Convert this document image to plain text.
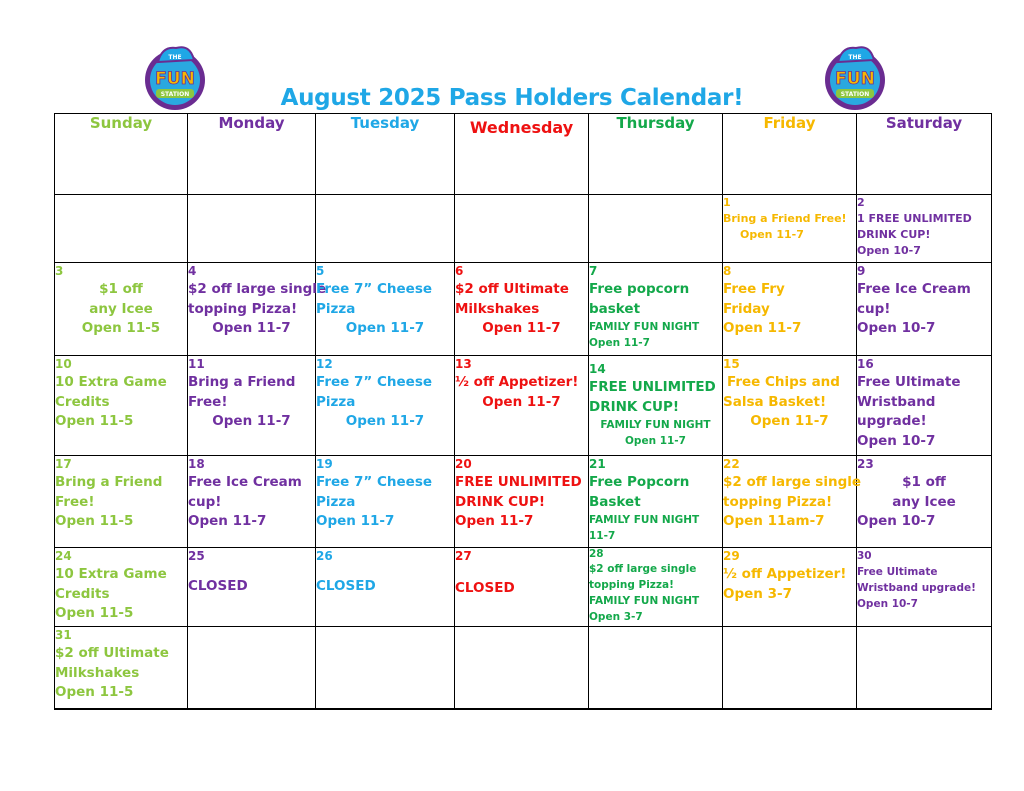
THE
FUN
STATION
THE
FUN
STATION
August 2025 Pass Holders Calendar!
Sunday	Monday	Tuesday	Wednesday	Thursday	Friday	Saturday

					1
Bring a Friend Free!
Open 11-7	2
1 FREE UNLIMITED
DRINK CUP!
Open 10-7

3
$1 off
any Icee
Open 11-5	4
$2 off large single
topping Pizza!
Open 11-7	5
Free 7” Cheese
Pizza
Open 11-7	6
$2 off Ultimate
Milkshakes
Open 11-7	7
Free popcorn
basket
FAMILY FUN NIGHT
Open 11-7	8
Free Fry
Friday
Open 11-7	9
Free Ice Cream
cup!
Open 10-7

10
10 Extra Game
Credits
Open 11-5	11
Bring a Friend
Free!
Open 11-7	12
Free 7” Cheese
Pizza
Open 11-7	13
½ off Appetizer!
Open 11-7	14
FREE UNLIMITED
DRINK CUP!
FAMILY FUN NIGHT
Open 11-7	15
Free Chips and
Salsa Basket!
Open 11-7	16
Free Ultimate
Wristband
upgrade!
Open 10-7

17
Bring a Friend
Free!
Open 11-5	18
Free Ice Cream
cup!
Open 11-7	19
Free 7” Cheese
Pizza
Open 11-7	20
FREE UNLIMITED
DRINK CUP!
Open 11-7	21
Free Popcorn
Basket
FAMILY FUN NIGHT
11-7	22
$2 off large single
topping Pizza!
Open 11am-7	23
$1 off
any Icee
Open 10-7

24
10 Extra Game
Credits
Open 11-5	25
CLOSED	26
CLOSED	27
CLOSED	28
$2 off large single
topping Pizza!
FAMILY FUN NIGHT
Open 3-7	29
½ off Appetizer!
Open 3-7	30
Free Ultimate
Wristband upgrade!
Open 10-7

31
$2 off Ultimate
Milkshakes
Open 11-5						
